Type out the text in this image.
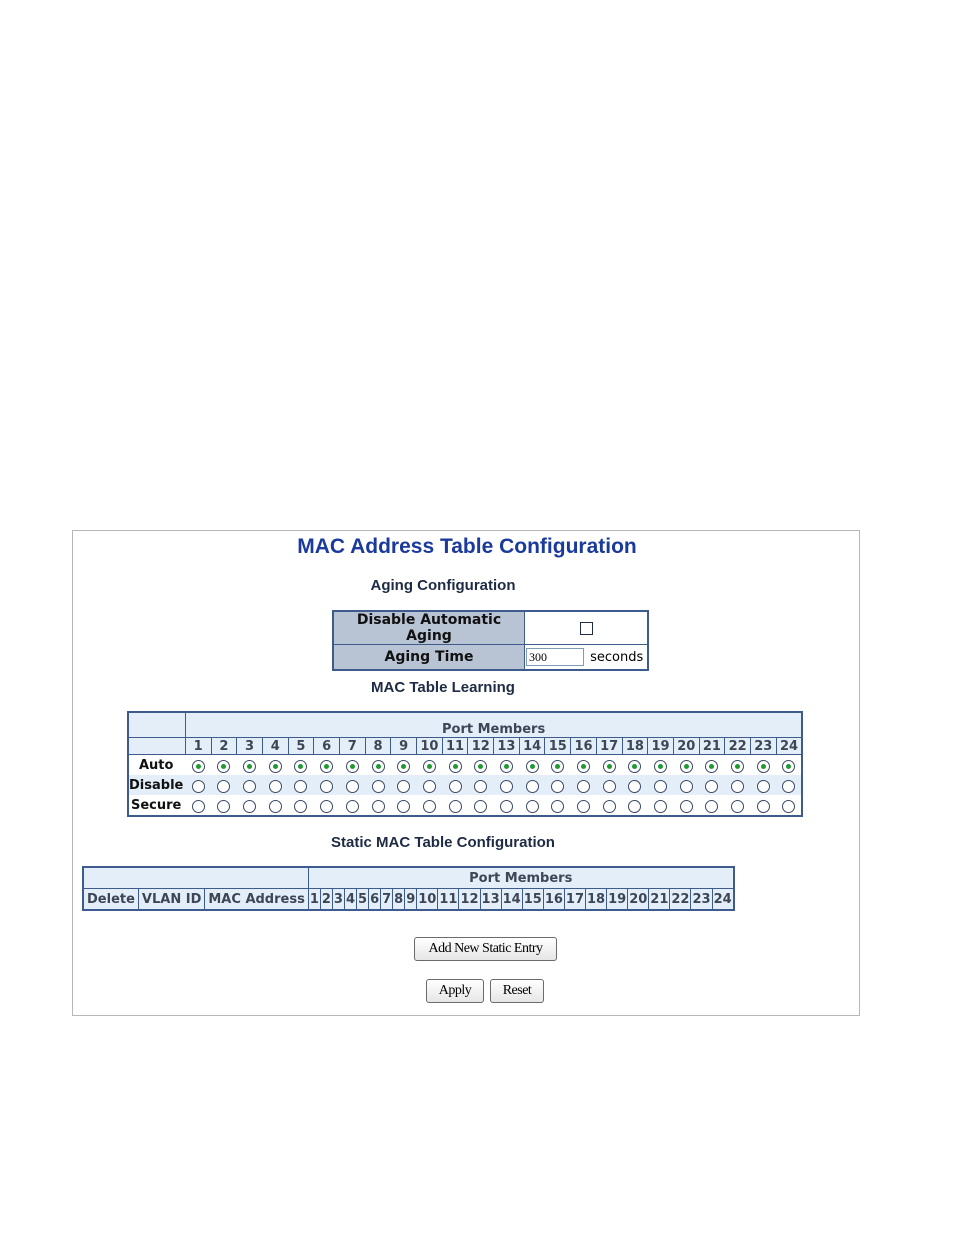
MAC Address Table Configuration
Aging Configuration
Disable Automatic Aging	
Aging Time	300seconds
MAC Table Learning
	Port Members																							
	1	2	3	4	5	6	7	8	9	10	11	12	13	14	15	16	17	18	19	20	21	22	23	24
Auto																								
Disable																								
Secure																								
Static MAC Table Configuration
			Port Members																							
Delete	VLAN ID	MAC Address	1	2	3	4	5	6	7	8	9	10	11	12	13	14	15	16	17	18	19	20	21	22	23	24
Add New Static Entry
Apply	Reset
